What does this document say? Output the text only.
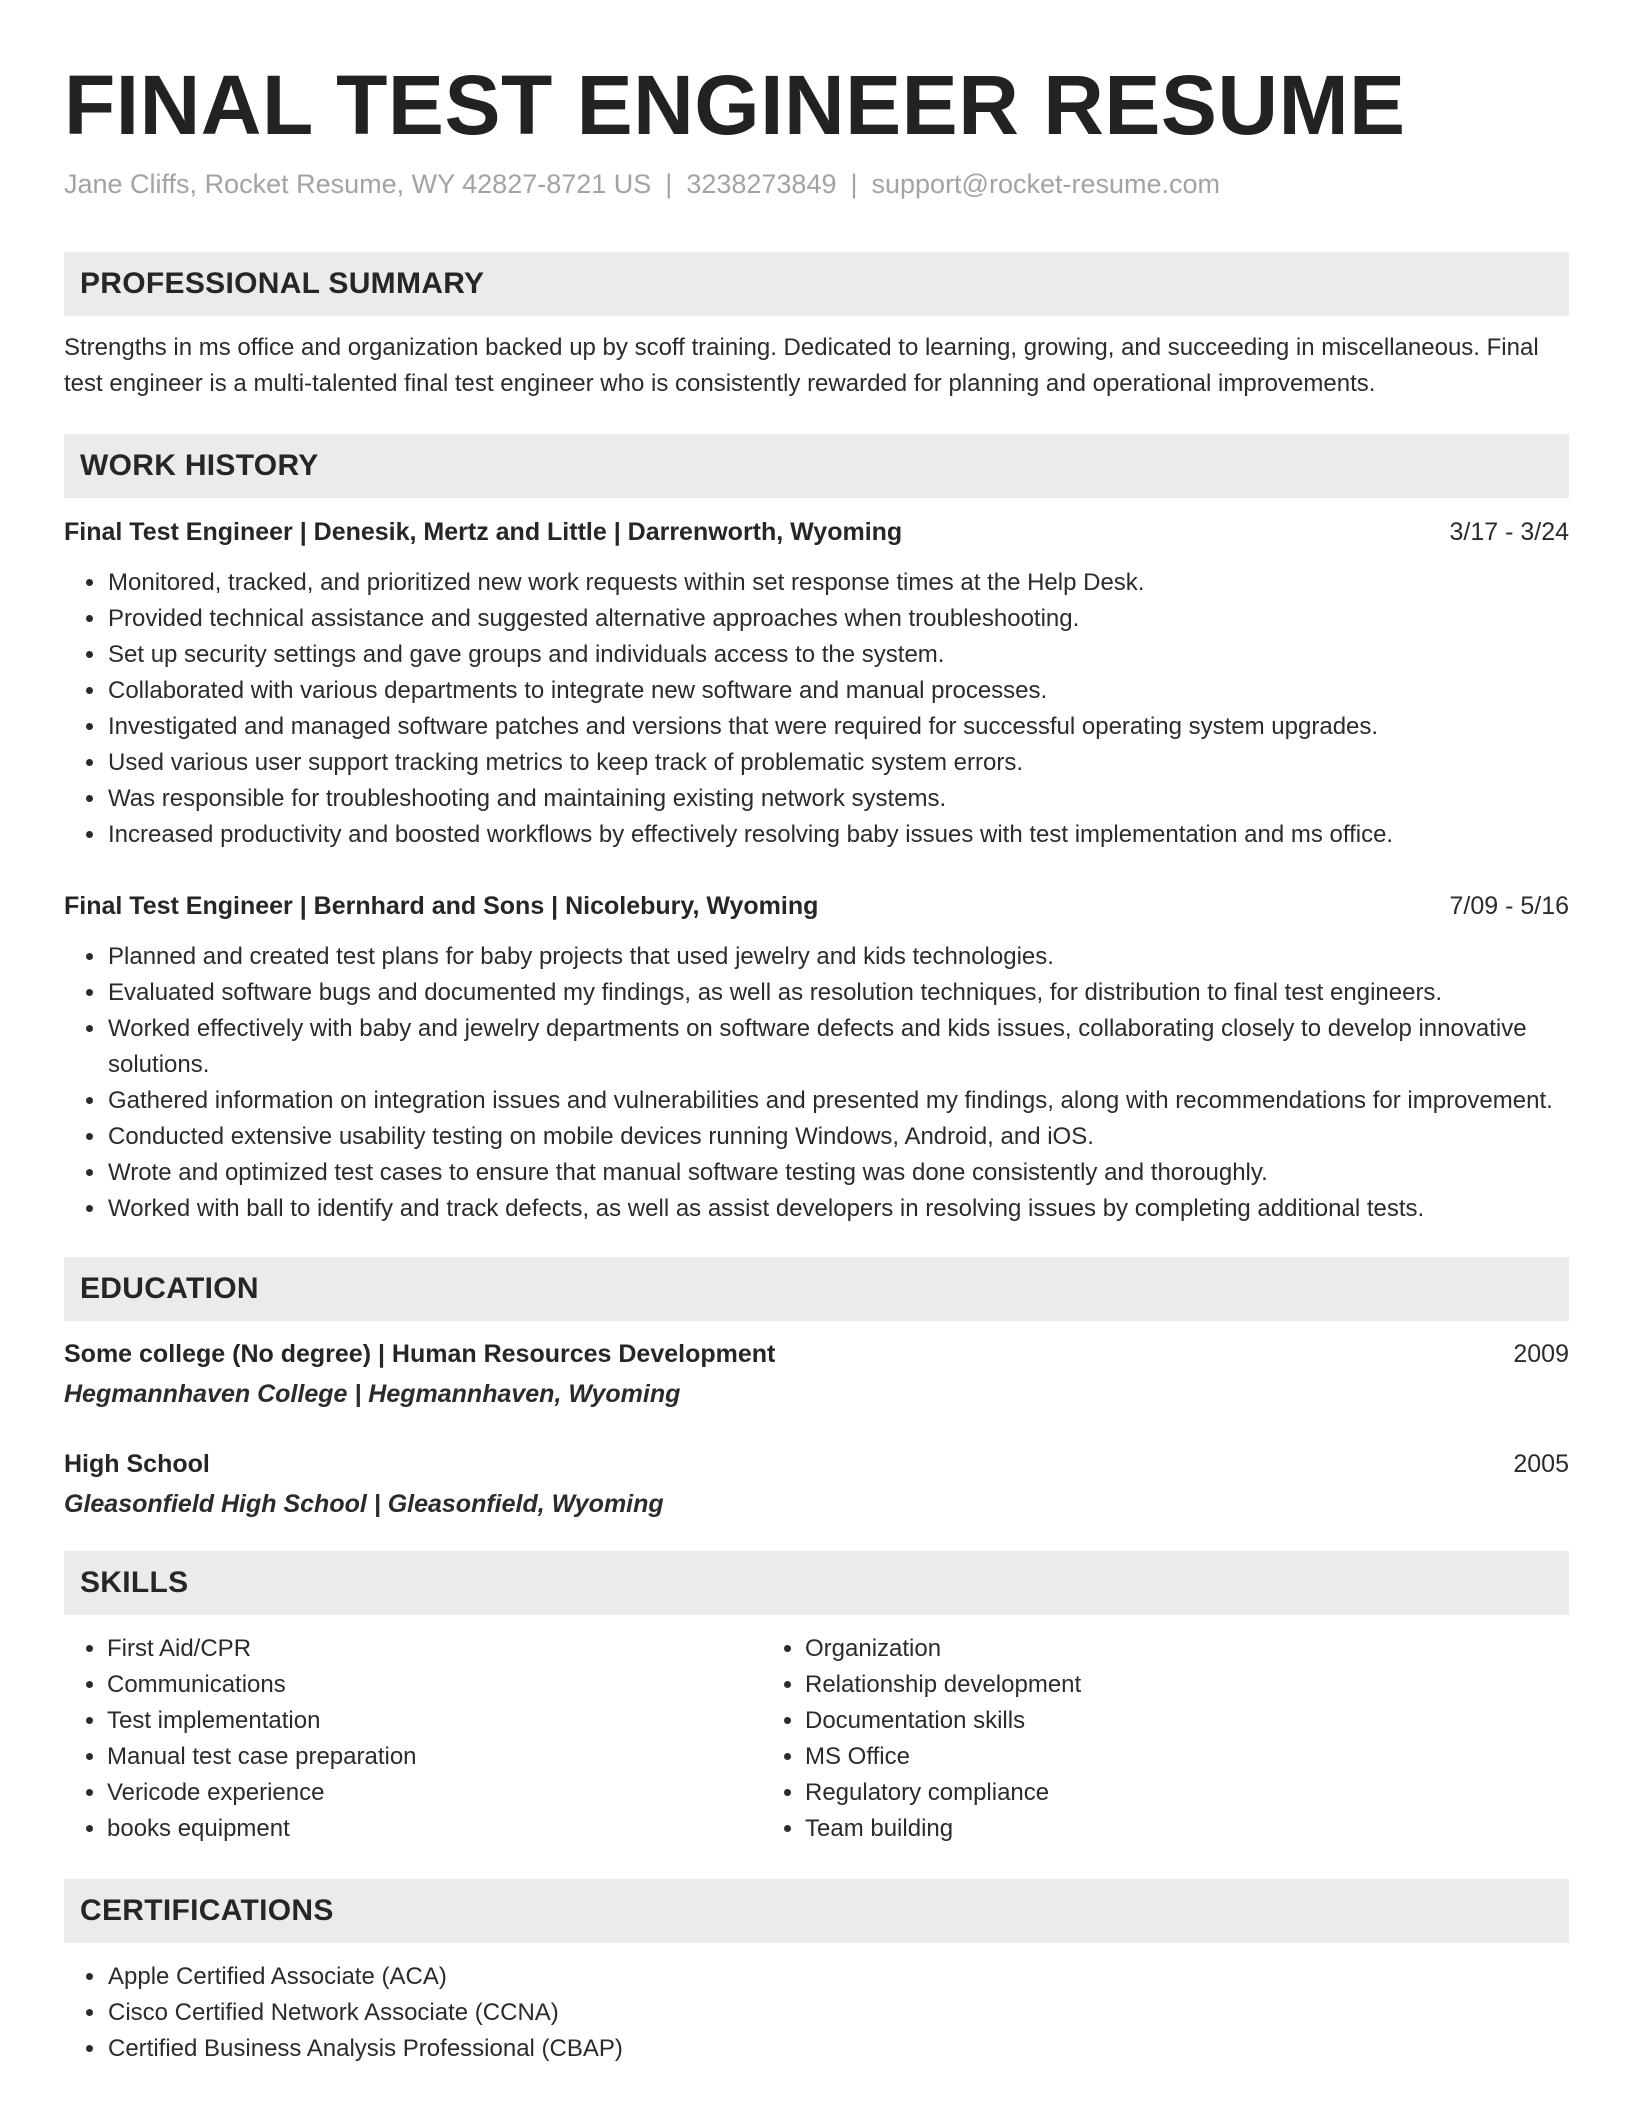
FINAL TEST ENGINEER RESUME
Jane Cliffs, Rocket Resume, WY 42827-8721 US | 3238273849 | support@rocket-resume.com
PROFESSIONAL SUMMARY
Strengths in ms office and organization backed up by scoff training. Dedicated to learning, growing, and succeeding in miscellaneous. Final test engineer is a multi-talented final test engineer who is consistently rewarded for planning and operational improvements.
WORK HISTORY
Final Test Engineer | Denesik, Mertz and Little | Darrenworth, Wyoming	3/17 - 3/24
• Monitored, tracked, and prioritized new work requests within set response times at the Help Desk.
• Provided technical assistance and suggested alternative approaches when troubleshooting.
• Set up security settings and gave groups and individuals access to the system.
• Collaborated with various departments to integrate new software and manual processes.
• Investigated and managed software patches and versions that were required for successful operating system upgrades.
• Used various user support tracking metrics to keep track of problematic system errors.
• Was responsible for troubleshooting and maintaining existing network systems.
• Increased productivity and boosted workflows by effectively resolving baby issues with test implementation and ms office.
Final Test Engineer | Bernhard and Sons | Nicolebury, Wyoming	7/09 - 5/16
• Planned and created test plans for baby projects that used jewelry and kids technologies.
• Evaluated software bugs and documented my findings, as well as resolution techniques, for distribution to final test engineers.
• Worked effectively with baby and jewelry departments on software defects and kids issues, collaborating closely to develop innovative solutions.
• Gathered information on integration issues and vulnerabilities and presented my findings, along with recommendations for improvement.
• Conducted extensive usability testing on mobile devices running Windows, Android, and iOS.
• Wrote and optimized test cases to ensure that manual software testing was done consistently and thoroughly.
• Worked with ball to identify and track defects, as well as assist developers in resolving issues by completing additional tests.
EDUCATION
Some college (No degree) | Human Resources Development	2009
Hegmannhaven College | Hegmannhaven, Wyoming
High School	2005
Gleasonfield High School | Gleasonfield, Wyoming
SKILLS
• First Aid/CPR
• Communications
• Test implementation
• Manual test case preparation
• Vericode experience
• books equipment
• Organization
• Relationship development
• Documentation skills
• MS Office
• Regulatory compliance
• Team building
CERTIFICATIONS
• Apple Certified Associate (ACA)
• Cisco Certified Network Associate (CCNA)
• Certified Business Analysis Professional (CBAP)
